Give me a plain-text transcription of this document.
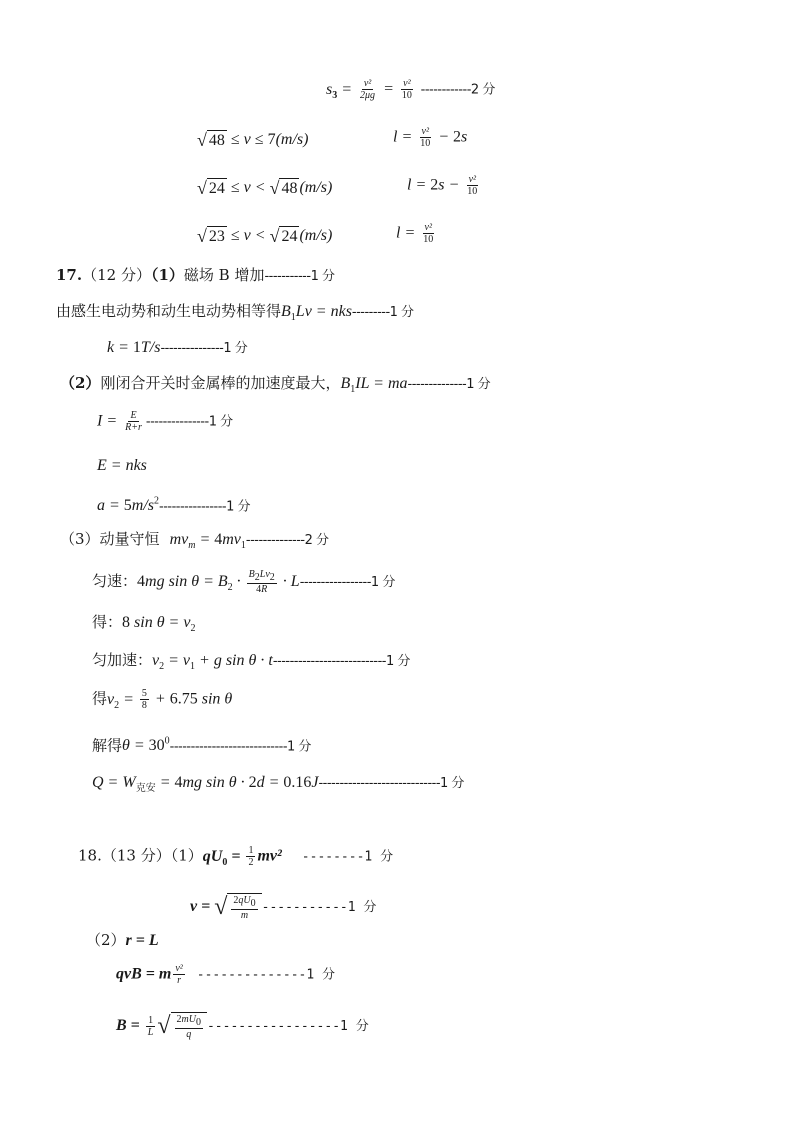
$s_3 = \frac{\text{v²}}{2\mu g} = \frac{\text{v²}}{10} ------------2$ 分
√ 48 ≤ v ≤ 7(m/s)	$l = \frac{\text{v²}}{10} - 2s$
√ 24 ≤ v < √ 48 (m/s)	$l = 2s - \frac{\text{v²}}{10}$
√ 23 ≤ v < √ 24 (m/s)	$l = \frac{\text{v²}}{10}$
17.（12 分）（1）磁场 B 增加-----------1 分
由感生电动势和动生电动势相等得$B_1Lv = nks---------1$ 分
k = 1T/s---------------1 分
（2）刚闭合开关时金属棒的加速度最大，$B_1IL = ma--------------1$ 分
$I = \frac{E}{R+r} ---------------1$ 分
E = nks
$a = 5m/s^2----------------1$ 分
（3）动量守恒 $mv_m = 4mv_1--------------2$ 分
匀速：4mg $\sin \theta = B_2 \cdot \frac{B_2Lv_2}{4R} \cdot L-----------------1$ 分
得：8 $\sin \theta = v_2$
匀加速：$v_2 = v_1 + g$ sin θ · t---------------------------1 分
得$v_2 = \frac{5}{8} + 6.75$ sin θ
解得$\theta = 30^0----------------------------1$ 分
$Q = W_{克安} = 4mg$ sin θ · 2d = 0.16J-----------------------------1 分
18.（13 分）$(1)qU_0 = \frac{1}{2} mv^2$ --------1 分
v = √ $\frac{2qU_0}{m} -----------1$ 分
（2）r = L
qvB = m $\frac{\text{v²}}{r} --------------1$ 分
$B = \frac{1}{L}$ √ $\frac{2mU_0}{q} -----------------1$ 分
